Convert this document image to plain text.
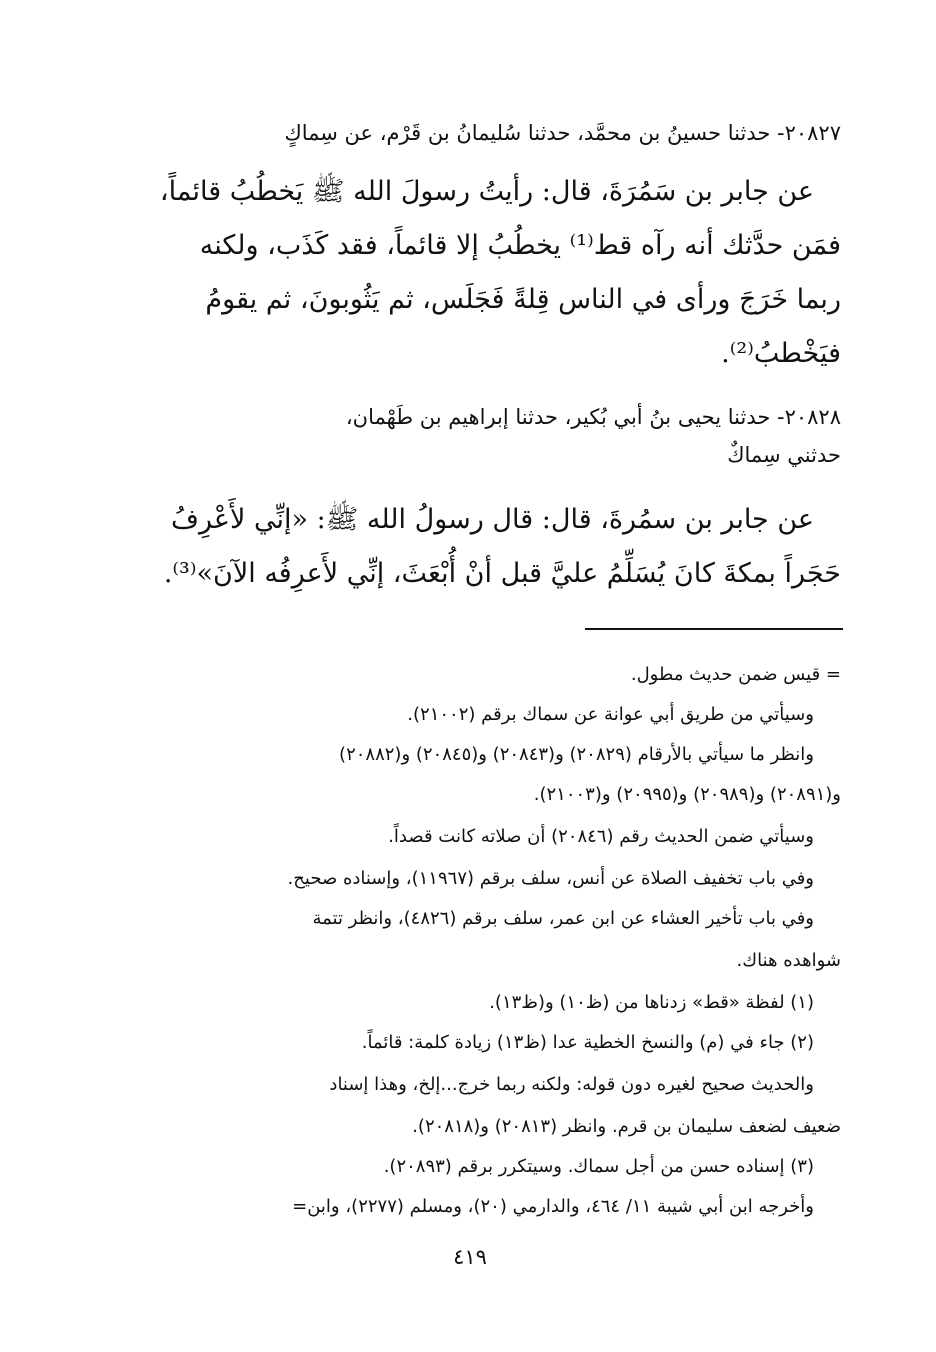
٢٠٨٢٧- حدثنا حسينُ بن محمَّد، حدثنا سُليمانُ بن قَرْم، عن سِماكٍ
عن جابر بن سَمُرَةَ، قال: رأيتُ رسولَ الله ﷺ يَخطُبُ قائماً،
فمَن حدَّثك أنه رآه قط⁽¹⁾ يخطُبُ إلا قائماً، فقد كَذَب، ولكنه
ربما خَرَجَ ورأى في الناس قِلةً فَجَلَس، ثم يَثُوبونَ، ثم يقومُ
فيَخْطبُ⁽²⁾.
٢٠٨٢٨- حدثنا يحيى بنُ أبي بُكير، حدثنا إبراهيم بن طَهْمان،
حدثني سِماكٌ
عن جابر بن سمُرةَ، قال: قال رسولُ الله ﷺ: «إنِّي لأَعْرِفُ
حَجَراً بمكةَ كانَ يُسَلِّمُ عليَّ قبل أنْ أُبْعَثَ، إنِّي لأَعرِفُه الآنَ»⁽³⁾.
= قيس ضمن حديث مطول.
وسيأتي من طريق أبي عوانة عن سماك برقم (٢١٠٠٢).
وانظر ما سيأتي بالأرقام (٢٠٨٢٩) و(٢٠٨٤٣) و(٢٠٨٤٥) و(٢٠٨٨٢)
و(٢٠٨٩١) و(٢٠٩٨٩) و(٢٠٩٩٥) و(٢١٠٠٣).
وسيأتي ضمن الحديث رقم (٢٠٨٤٦) أن صلاته كانت قصداً.
وفي باب تخفيف الصلاة عن أنس، سلف برقم (١١٩٦٧)، وإسناده صحيح.
وفي باب تأخير العشاء عن ابن عمر، سلف برقم (٤٨٢٦)، وانظر تتمة
شواهده هناك.
(١) لفظة «قط» زدناها من (ظ١٠) و(ظ١٣).
(٢) جاء في (م) والنسخ الخطية عدا (ظ١٣) زيادة كلمة: قائماً.
والحديث صحيح لغيره دون قوله: ولكنه ربما خرج...إلخ، وهذا إسناد
ضعيف لضعف سليمان بن قرم. وانظر (٢٠٨١٣) و(٢٠٨١٨).
(٣) إسناده حسن من أجل سماك. وسيتكرر برقم (٢٠٨٩٣).
وأخرجه ابن أبي شيبة ١١/ ٤٦٤، والدارمي (٢٠)، ومسلم (٢٢٧٧)، وابن=
٤١٩
